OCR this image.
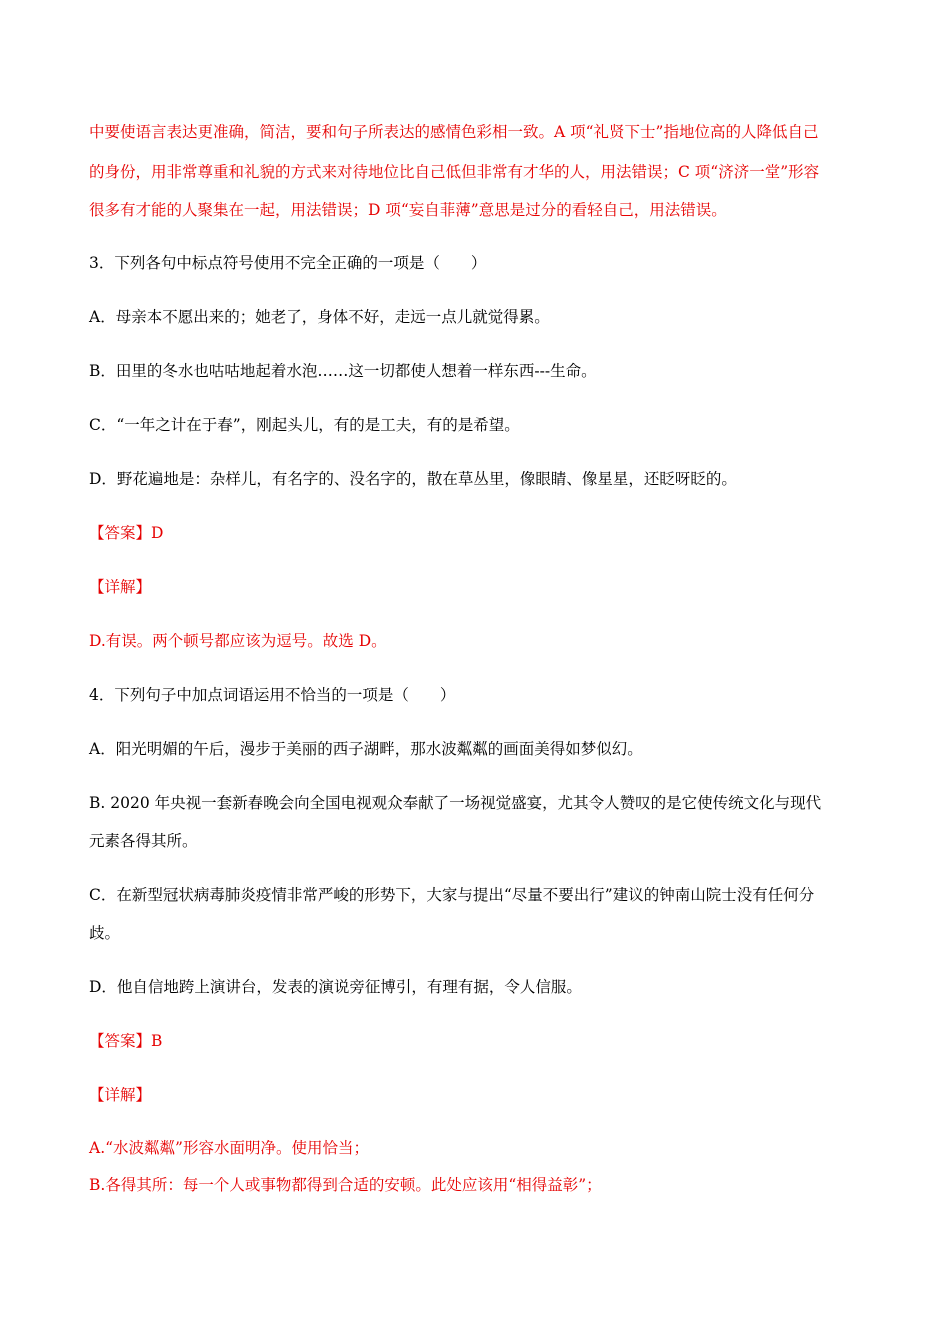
中要使语言表达更准确，简洁，要和句子所表达的感情色彩相一致。A 项“礼贤下士”指地位高的人降低自己
的身份，用非常尊重和礼貌的方式来对待地位比自己低但非常有才华的人，用法错误；C 项“济济一堂”形容
很多有才能的人聚集在一起，用法错误；D 项“妄自菲薄”意思是过分的看轻自己，用法错误。
3．下列各句中标点符号使用不完全正确的一项是（　　）
A．母亲本不愿出来的；她老了，身体不好，走远一点儿就觉得累。
B．田里的冬水也咕咕地起着水泡……这一切都使人想着一样东西---生命。
C．“一年之计在于春”，刚起头儿，有的是工夫，有的是希望。
D．野花遍地是：杂样儿，有名字的、没名字的，散在草丛里，像眼睛、像星星，还眨呀眨的。
【答案】D
【详解】
D.有误。两个顿号都应该为逗号。故选 D。
4．下列句子中加点词语运用不恰当的一项是（　　）
A．阳光明媚的午后，漫步于美丽的西子湖畔，那水波粼粼的画面美得如梦似幻。
B. 2020 年央视一套新春晚会向全国电视观众奉献了一场视觉盛宴，尤其令人赞叹的是它使传统文化与现代
元素各得其所。
C．在新型冠状病毒肺炎疫情非常严峻的形势下，大家与提出“尽量不要出行”建议的钟南山院士没有任何分
歧。
D．他自信地跨上演讲台，发表的演说旁征博引，有理有据，令人信服。
【答案】B
【详解】
A.“水波粼粼”形容水面明净。使用恰当；
B.各得其所：每一个人或事物都得到合适的安顿。此处应该用“相得益彰”；
